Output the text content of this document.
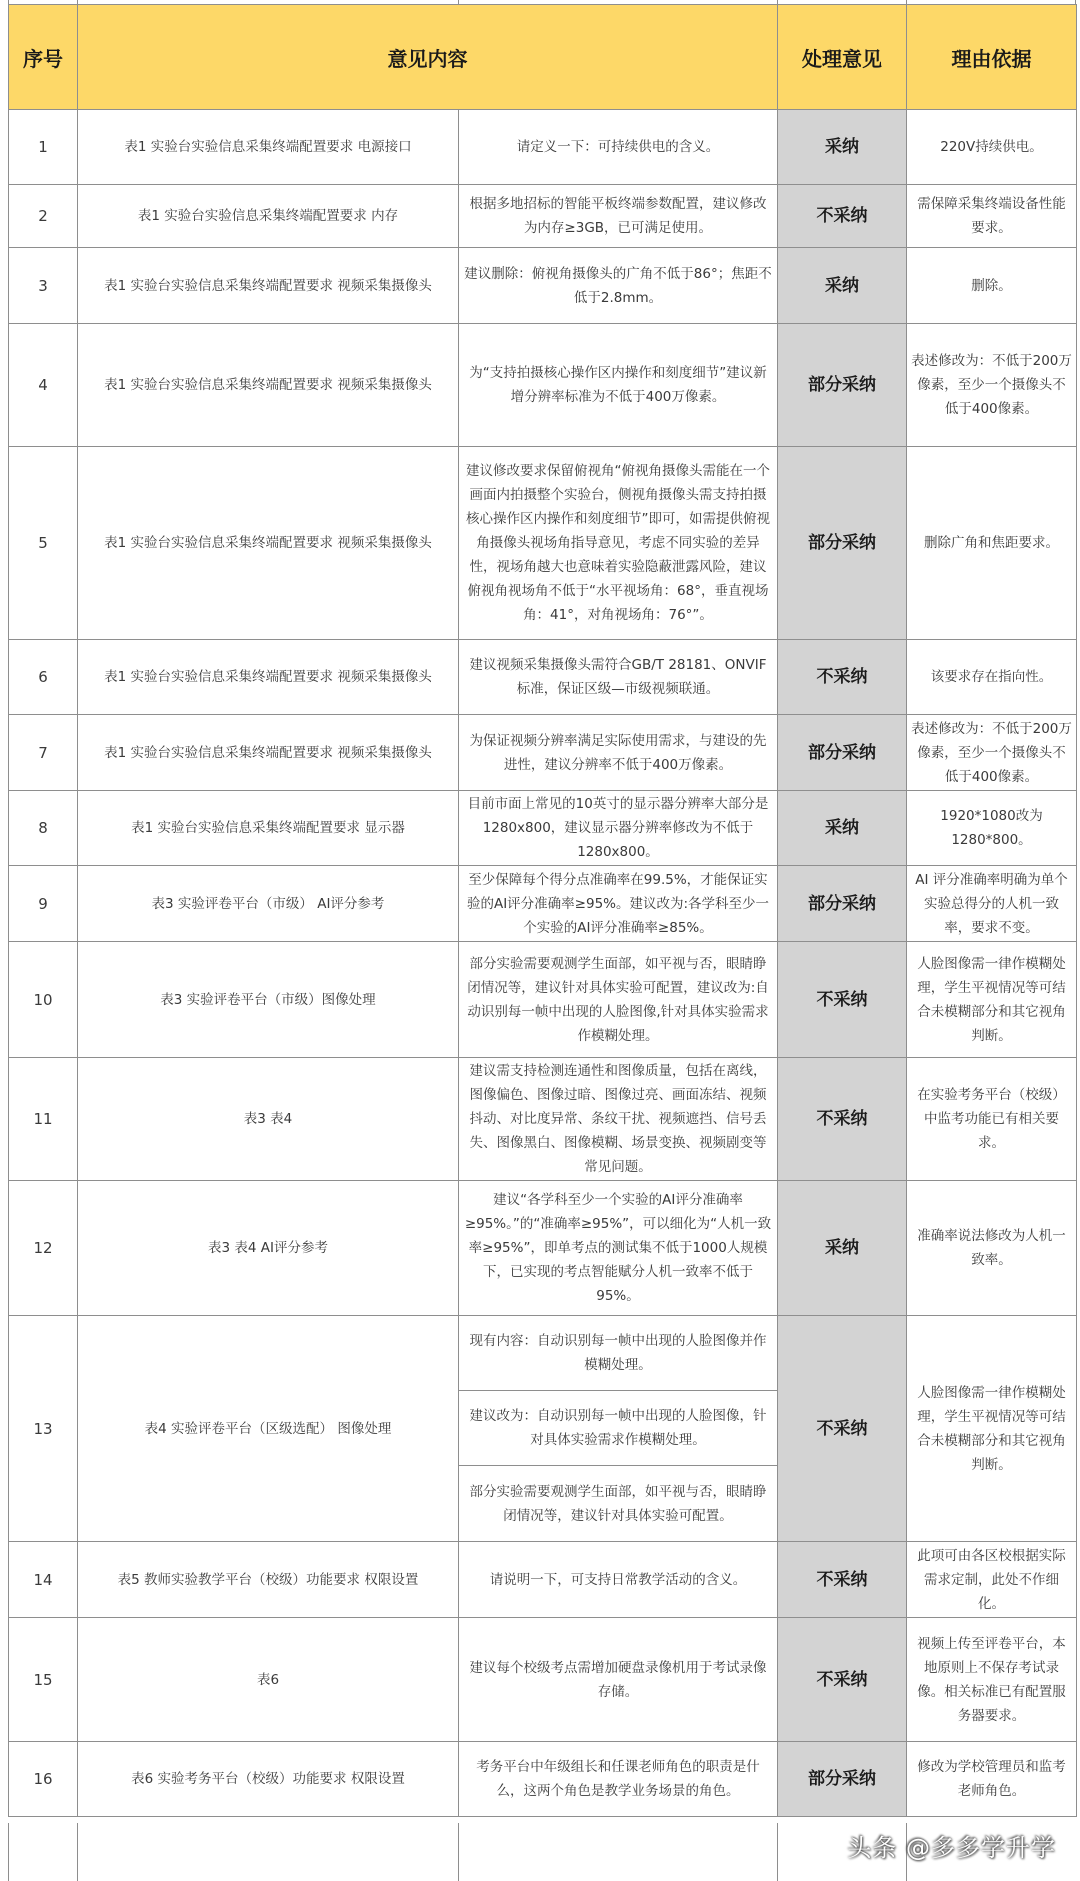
序号	意见内容		处理意见	理由依据
1	表1 实验台实验信息采集终端配置要求 电源接口	请定义一下：可持续供电的含义。	采纳	220V持续供电。
2	表1 实验台实验信息采集终端配置要求 内存	根据多地招标的智能平板终端参数配置，建议修改为内存≥3GB，已可满足使用。	不采纳	需保障采集终端设备性能要求。
3	表1 实验台实验信息采集终端配置要求 视频采集摄像头	建议删除：俯视角摄像头的广角不低于86°；焦距不低于2.8mm。	采纳	删除。
4	表1 实验台实验信息采集终端配置要求 视频采集摄像头	为“支持拍摄核心操作区内操作和刻度细节”建议新增分辨率标准为不低于400万像素。	部分采纳	表述修改为：不低于200万像素，至少一个摄像头不低于400像素。
5	表1 实验台实验信息采集终端配置要求 视频采集摄像头	建议修改要求保留俯视角“俯视角摄像头需能在一个画面内拍摄整个实验台，侧视角摄像头需支持拍摄核心操作区内操作和刻度细节”即可，如需提供俯视角摄像头视场角指导意见，考虑不同实验的差异性，视场角越大也意味着实验隐蔽泄露风险，建议俯视角视场角不低于“水平视场角：68°，垂直视场角：41°，对角视场角：76°”。	部分采纳	删除广角和焦距要求。
6	表1 实验台实验信息采集终端配置要求 视频采集摄像头	建议视频采集摄像头需符合GB/T 28181、ONVIF标准，保证区级—市级视频联通。	不采纳	该要求存在指向性。
7	表1 实验台实验信息采集终端配置要求 视频采集摄像头	为保证视频分辨率满足实际使用需求，与建设的先进性，建议分辨率不低于400万像素。	部分采纳	表述修改为：不低于200万像素，至少一个摄像头不低于400像素。
8	表1 实验台实验信息采集终端配置要求 显示器	目前市面上常见的10英寸的显示器分辨率大部分是1280x800，建议显示器分辨率修改为不低于1280x800。	采纳	1920*1080改为1280*800。
9	表3 实验评卷平台（市级） AI评分参考	至少保障每个得分点准确率在99.5%，才能保证实验的AI评分准确率≥95%。建议改为:各学科至少一个实验的AI评分准确率≥85%。	部分采纳	AI 评分准确率明确为单个实验总得分的人机一致率，要求不变。
10	表3 实验评卷平台（市级）图像处理	部分实验需要观测学生面部，如平视与否，眼睛睁闭情况等，建议针对具体实验可配置，建议改为:自动识别每一帧中出现的人脸图像,针对具体实验需求作模糊处理。	不采纳	人脸图像需一律作模糊处理，学生平视情况等可结合未模糊部分和其它视角判断。
11	表3 表4	建议需支持检测连通性和图像质量，包括在离线，图像偏色、图像过暗、图像过亮、画面冻结、视频抖动、对比度异常、条纹干扰、视频遮挡、信号丢失、图像黑白、图像模糊、场景变换、视频剧变等常见问题。	不采纳	在实验考务平台（校级）中监考功能已有相关要求。
12	表3 表4 AI评分参考	建议“各学科至少一个实验的AI评分准确率≥95%。”的“准确率≥95%”，可以细化为“人机一致率≥95%”，即单考点的测试集不低于1000人规模下，已实现的考点智能赋分人机一致率不低于95%。	采纳	准确率说法修改为人机一致率。
13	表4 实验评卷平台（区级选配） 图像处理	现有内容：自动识别每一帧中出现的人脸图像并作模糊处理。	不采纳	人脸图像需一律作模糊处理，学生平视情况等可结合未模糊部分和其它视角判断。
		建议改为：自动识别每一帧中出现的人脸图像，针对具体实验需求作模糊处理。		
		部分实验需要观测学生面部，如平视与否，眼睛睁闭情况等，建议针对具体实验可配置。		
14	表5 教师实验教学平台（校级）功能要求 权限设置	请说明一下，可支持日常教学活动的含义。	不采纳	此项可由各区校根据实际需求定制，此处不作细化。
15	表6	建议每个校级考点需增加硬盘录像机用于考试录像存储。	不采纳	视频上传至评卷平台，本地原则上不保存考试录像。相关标准已有配置服务器要求。
16	表6 实验考务平台（校级）功能要求 权限设置	考务平台中年级组长和任课老师角色的职责是什么，这两个角色是教学业务场景的角色。	部分采纳	修改为学校管理员和监考老师角色。
头条 @多多学升学
